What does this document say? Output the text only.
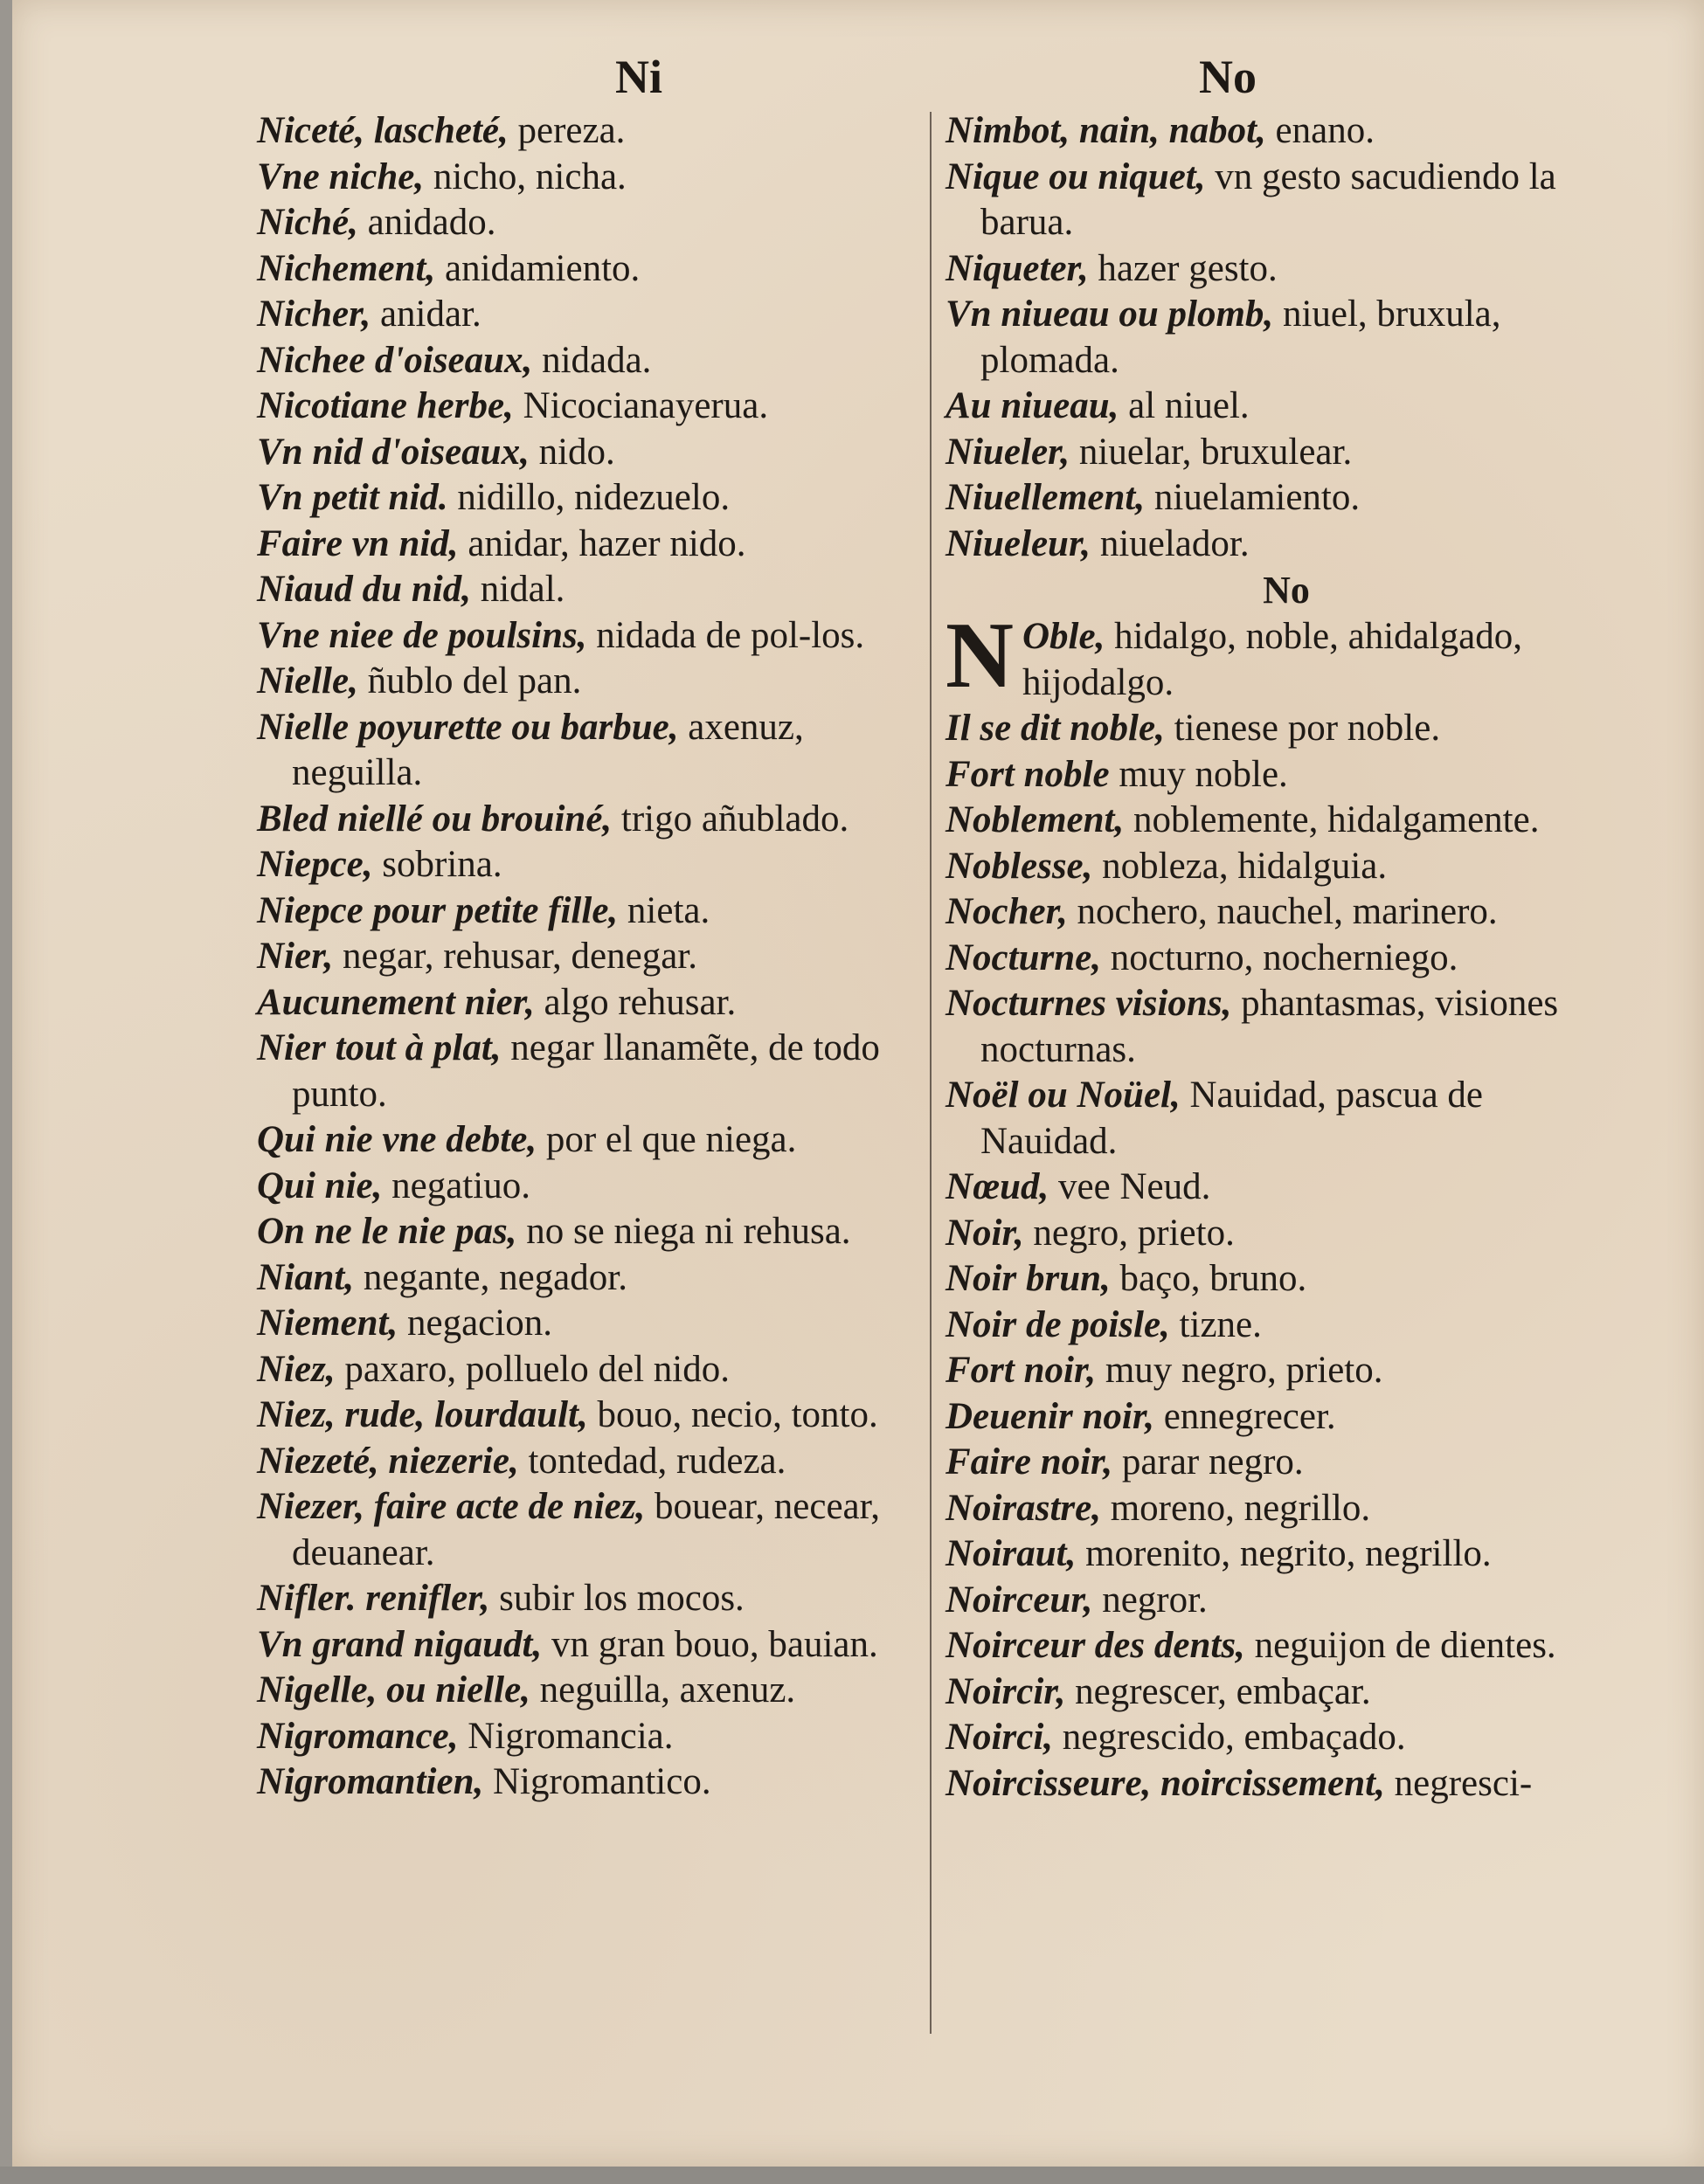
Ni
Niceté, lascheté, pereza.
Vne niche, nicho, nicha.
Niché, anidado.
Nichement, anidamiento.
Nicher, anidar.
Nichee d'oiseaux, nidada.
Nicotiane herbe, Nicocianayerua.
Vn nid d'oiseaux, nido.
Vn petit nid. nidillo, nidezuelo.
Faire vn nid, anidar, hazer nido.
Niaud du nid, nidal.
Vne niee de poulsins, nidada de pol-los.
Nielle, ñublo del pan.
Nielle poyurette ou barbue, axenuz, neguilla.
Bled niellé ou brouiné, trigo añublado.
Niepce, sobrina.
Niepce pour petite fille, nieta.
Nier, negar, rehusar, denegar.
Aucunement nier, algo rehusar.
Nier tout à plat, negar llanamẽte, de todo punto.
Qui nie vne debte, por el que niega.
Qui nie, negatiuo.
On ne le nie pas, no se niega ni rehusa.
Niant, negante, negador.
Niement, negacion.
Niez, paxaro, polluelo del nido.
Niez, rude, lourdault, bouo, necio, tonto.
Niezeté, niezerie, tontedad, rudeza.
Niezer, faire acte de niez, bouear, necear, deuanear.
Nifler. renifler, subir los mocos.
Vn grand nigaudt, vn gran bouo, bauian.
Nigelle, ou nielle, neguilla, axenuz.
Nigromance, Nigromancia.
Nigromantien, Nigromantico.
No
Nimbot, nain, nabot, enano.
Nique ou niquet, vn gesto sacudiendo la barua.
Niqueter, hazer gesto.
Vn niueau ou plomb, niuel, bruxula, plomada.
Au niueau, al niuel.
Niueler, niuelar, bruxulear.
Niuellement, niuelamiento.
Niueleur, niuelador.
No
N Oble, hidalgo, noble, ahidalgado, hijodalgo.
Il se dit noble, tienese por noble.
Fort noble muy noble.
Noblement, noblemente, hidalgamente.
Noblesse, nobleza, hidalguia.
Nocher, nochero, nauchel, marinero.
Nocturne, nocturno, nocherniego.
Nocturnes visions, phantasmas, visiones nocturnas.
Noël ou Noüel, Nauidad, pascua de Nauidad.
Nœud, vee Neud.
Noir, negro, prieto.
Noir brun, baço, bruno.
Noir de poisle, tizne.
Fort noir, muy negro, prieto.
Deuenir noir, ennegrecer.
Faire noir, parar negro.
Noirastre, moreno, negrillo.
Noiraut, morenito, negrito, negrillo.
Noirceur, negror.
Noirceur des dents, neguijon de dientes.
Noircir, negrescer, embaçar.
Noirci, negrescido, embaçado.
Noircisseure, noircissement, negresci-
